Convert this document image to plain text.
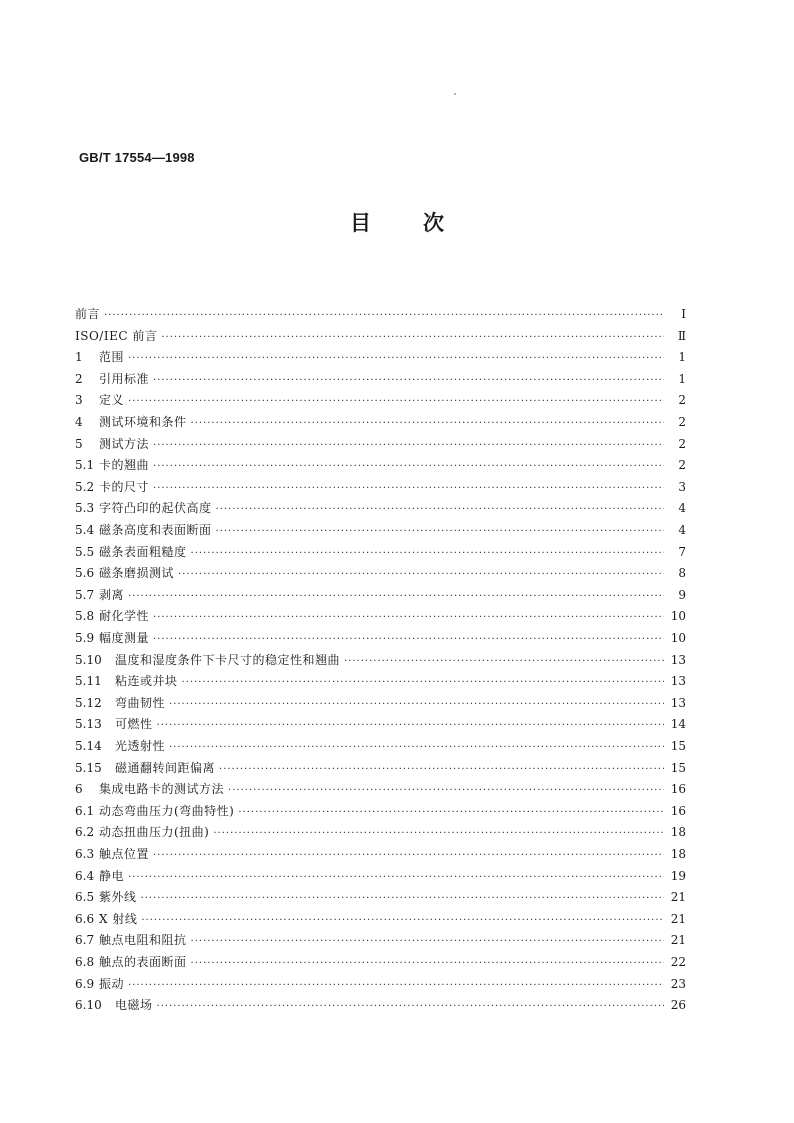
GB/T 17554—1998
目 次
前言 ·····	Ⅰ
ISO/IEC 前言 ·····	Ⅱ
1	范围 ·····	1
2	引用标准 ·····	1
3	定义 ·····	2
4	测试环境和条件 ·····	2
5	测试方法 ·····	2
5.1 卡的翘曲 ·····	2
5.2 卡的尺寸 ·····	3
5.3 字符凸印的起伏高度 ·····	4
5.4 磁条高度和表面断面 ·····	4
5.5 磁条表面粗糙度 ·····	7
5.6 磁条磨损测试 ·····	8
5.7 剥离 ·····	9
5.8 耐化学性 ·····	10
5.9 幅度测量 ·····	10
5.10	温度和湿度条件下卡尺寸的稳定性和翘曲 ·····	13
5.11	粘连或并块 ·····	13
5.12	弯曲韧性 ·····	13
5.13	可燃性 ·····	14
5.14	光透射性 ·····	15
5.15	磁通翻转间距偏离 ·····	15
6	集成电路卡的测试方法 ·····	16
6.1 动态弯曲压力(弯曲特性) ·····	16
6.2 动态扭曲压力(扭曲) ·····	18
6.3 触点位置 ·····	18
6.4 静电 ·····	19
6.5 紫外线 ·····	21
6.6 X 射线 ·····	21
6.7 触点电阻和阻抗 ·····	21
6.8 触点的表面断面 ·····	22
6.9 振动 ·····	23
6.10	电磁场 ·····	26
